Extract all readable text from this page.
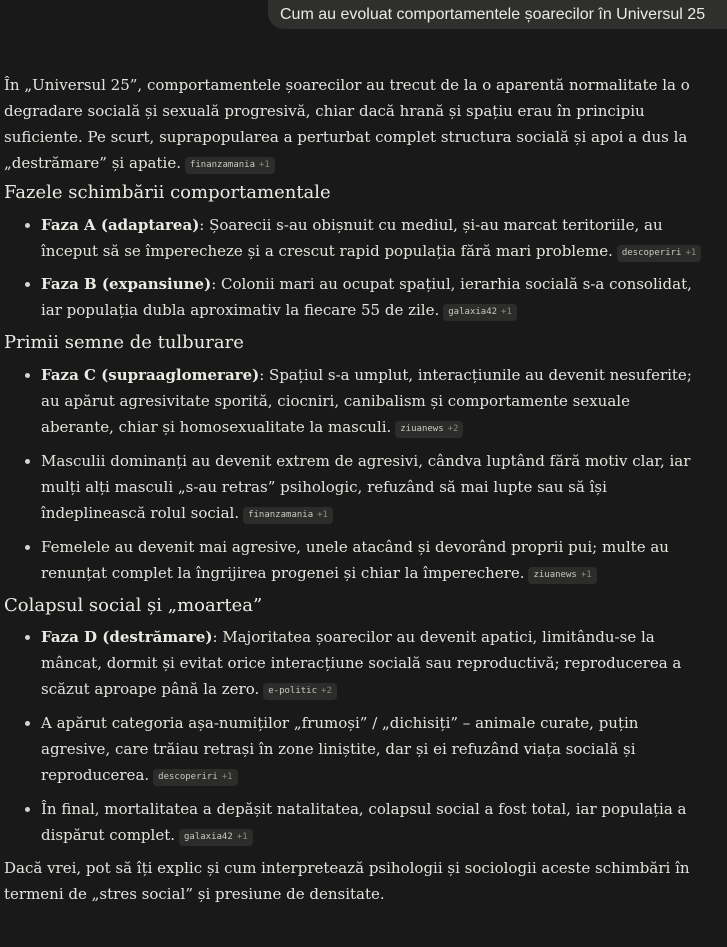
Cum au evoluat comportamentele șoarecilor în Universul 25

În „Universul 25”, comportamentele șoarecilor au trecut de la o aparentă normalitate la o degradare socială și sexuală progresivă, chiar dacă hrană și spațiu erau în principiu suficiente. Pe scurt, suprapopularea a perturbat complet structura socială și apoi a dus la „destrămare” și apatie. finanzamania +1

Fazele schimbării comportamentale
Faza A (adaptarea): Șoarecii s-au obișnuit cu mediul, și-au marcat teritoriile, au început să se împerecheze și a crescut rapid populația fără mari probleme. descoperiri +1
Faza B (expansiune): Colonii mari au ocupat spațiul, ierarhia socială s-a consolidat, iar populația dubla aproximativ la fiecare 55 de zile. galaxia42 +1
Primii semne de tulburare
Faza C (supraaglomerare): Spațiul s-a umplut, interacțiunile au devenit nesuferite; au apărut agresivitate sporită, ciocniri, canibalism și comportamente sexuale aberante, chiar și homosexualitate la masculi. ziuanews +2
Masculii dominanți au devenit extrem de agresivi, cândva luptând fără motiv clar, iar mulți alți masculi „s-au retras” psihologic, refuzând să mai lupte sau să își îndeplinească rolul social. finanzamania +1
Femelele au devenit mai agresive, unele atacând și devorând proprii pui; multe au renunțat complet la îngrijirea progenei și chiar la împerechere. ziuanews +1
Colapsul social și „moartea”
Faza D (destrămare): Majoritatea șoarecilor au devenit apatici, limitându-se la mâncat, dormit și evitat orice interacțiune socială sau reproductivă; reproducerea a scăzut aproape până la zero. e-politic +2
A apărut categoria așa-numiților „frumoși” / „dichisiți” – animale curate, puțin agresive, care trăiau retrași în zone liniștite, dar și ei refuzând viața socială și reproducerea. descoperiri +1
În final, mortalitatea a depășit natalitatea, colapsul social a fost total, iar populația a dispărut complet. galaxia42 +1

Dacă vrei, pot să îți explic și cum interpretează psihologii și sociologii aceste schimbări în termeni de „stres social” și presiune de densitate.
